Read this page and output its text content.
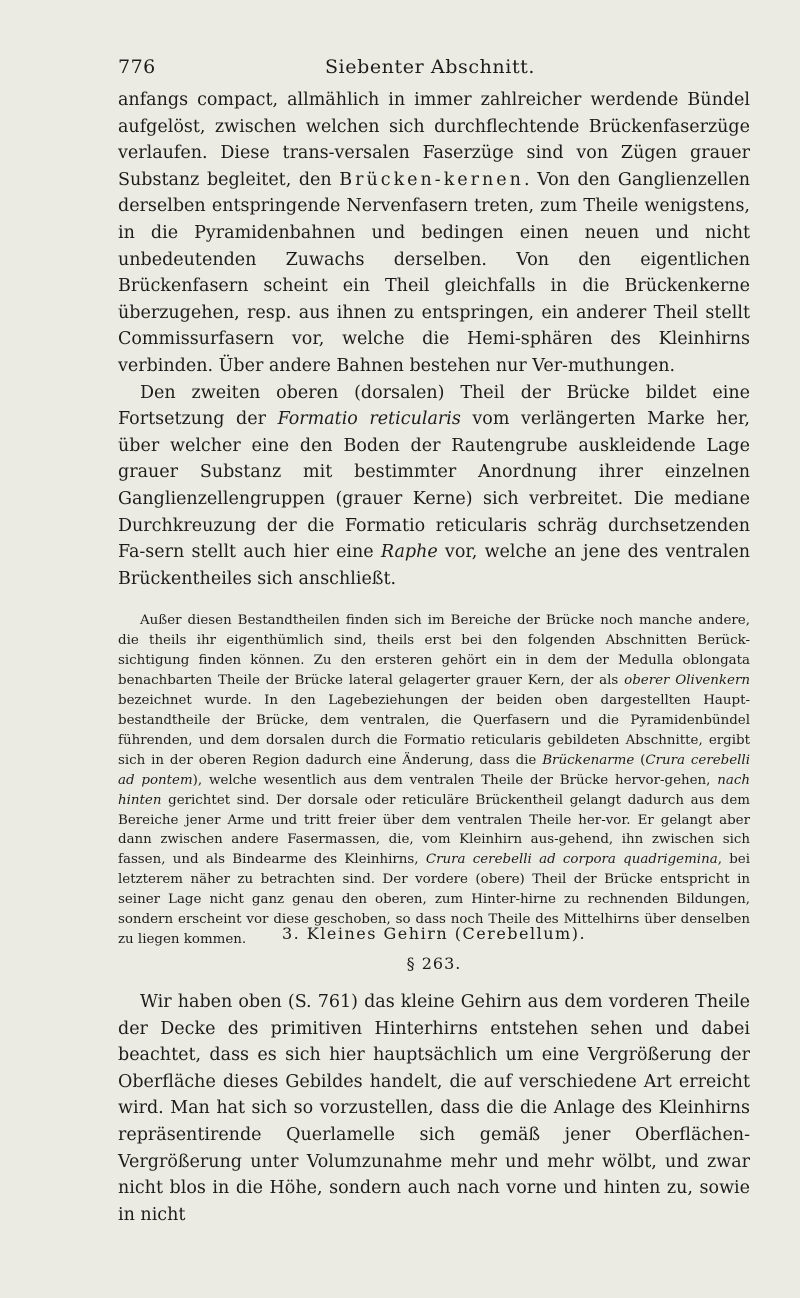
776	Siebenter Abschnitt.

anfangs compact, allmählich in immer zahlreicher werdende Bündel aufgelöst, zwischen welchen sich durchflechtende Brückenfaserzüge verlaufen. Diese trans-versalen Faserzüge sind von Zügen grauer Substanz begleitet, den Brücken-kernen. Von den Ganglienzellen derselben entspringende Nervenfasern treten, zum Theile wenigstens, in die Pyramidenbahnen und bedingen einen neuen und nicht unbedeutenden Zuwachs derselben. Von den eigentlichen Brückenfasern scheint ein Theil gleichfalls in die Brückenkerne überzugehen, resp. aus ihnen zu entspringen, ein anderer Theil stellt Commissurfasern vor, welche die Hemi-sphären des Kleinhirns verbinden. Über andere Bahnen bestehen nur Ver-muthungen.

Den zweiten oberen (dorsalen) Theil der Brücke bildet eine Fortsetzung der Formatio reticularis vom verlängerten Marke her, über welcher eine den Boden der Rautengrube auskleidende Lage grauer Substanz mit bestimmter Anordnung ihrer einzelnen Ganglienzellengruppen (grauer Kerne) sich verbreitet. Die mediane Durchkreuzung der die Formatio reticularis schräg durchsetzenden Fa-sern stellt auch hier eine Raphe vor, welche an jene des ventralen Brückentheiles sich anschließt.

Außer diesen Bestandtheilen finden sich im Bereiche der Brücke noch manche andere, die theils ihr eigenthümlich sind, theils erst bei den folgenden Abschnitten Berück-sichtigung finden können. Zu den ersteren gehört ein in dem der Medulla oblongata benachbarten Theile der Brücke lateral gelagerter grauer Kern, der als oberer Olivenkern bezeichnet wurde. In den Lagebeziehungen der beiden oben dargestellten Haupt-bestandtheile der Brücke, dem ventralen, die Querfasern und die Pyramidenbündel führenden, und dem dorsalen durch die Formatio reticularis gebildeten Abschnitte, ergibt sich in der oberen Region dadurch eine Änderung, dass die Brückenarme (Crura cerebelli ad pontem), welche wesentlich aus dem ventralen Theile der Brücke hervor-gehen, nach hinten gerichtet sind. Der dorsale oder reticuläre Brückentheil gelangt dadurch aus dem Bereiche jener Arme und tritt freier über dem ventralen Theile her-vor. Er gelangt aber dann zwischen andere Fasermassen, die, vom Kleinhirn aus-gehend, ihn zwischen sich fassen, und als Bindearme des Kleinhirns, Crura cerebelli ad corpora quadrigemina, bei letzterem näher zu betrachten sind. Der vordere (obere) Theil der Brücke entspricht in seiner Lage nicht ganz genau den oberen, zum Hinter-hirne zu rechnenden Bildungen, sondern erscheint vor diese geschoben, so dass noch Theile des Mittelhirns über denselben zu liegen kommen.	3. Kleines Gehirn (Cerebellum).
§ 263.

Wir haben oben (S. 761) das kleine Gehirn aus dem vorderen Theile der Decke des primitiven Hinterhirns entstehen sehen und dabei beachtet, dass es sich hier hauptsächlich um eine Vergrößerung der Oberfläche dieses Gebildes handelt, die auf verschiedene Art erreicht wird. Man hat sich so vorzustellen, dass die die Anlage des Kleinhirns repräsentirende Querlamelle sich gemäß jener Oberflächen-Vergrößerung unter Volumzunahme mehr und mehr wölbt, und zwar nicht blos in die Höhe, sondern auch nach vorne und hinten zu, sowie in nicht
